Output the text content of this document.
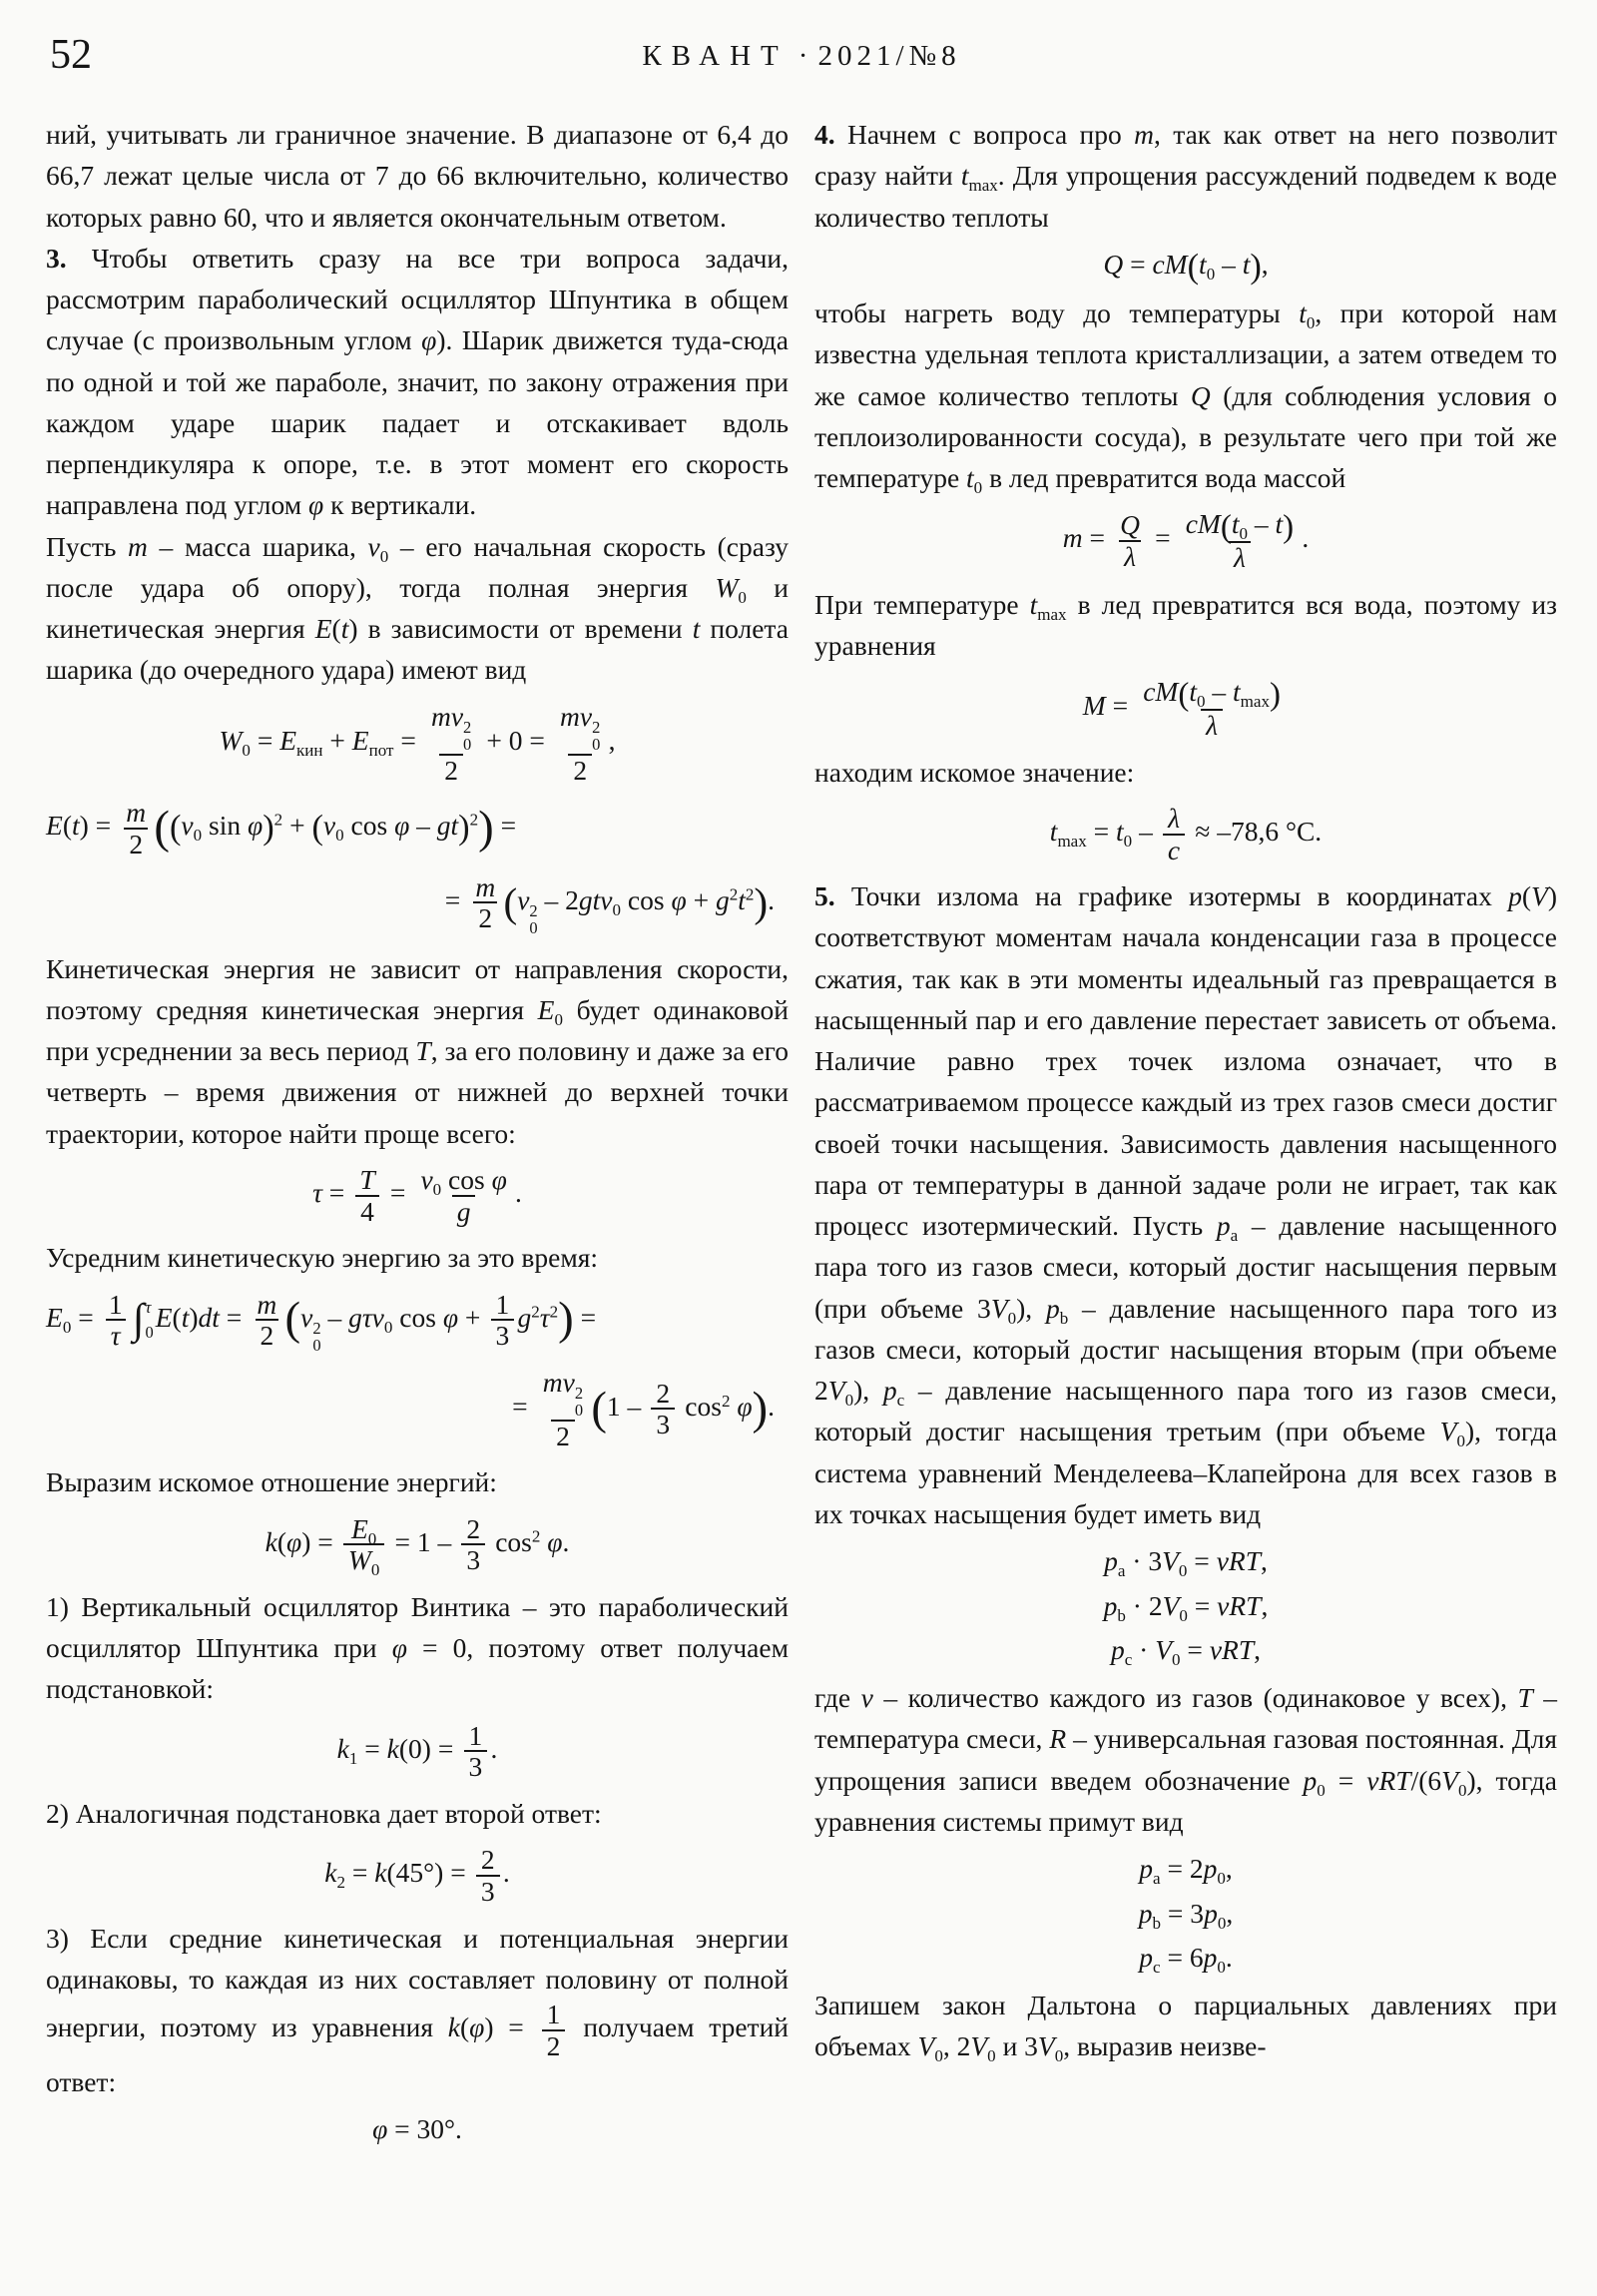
52	КВАНТ · 2021/№8
ний, учитывать ли граничное значение. В диапазоне от 6,4 до 66,7 лежат целые числа от 7 до 66 включительно, количество которых равно 60, что и является окончательным ответом.
3. Чтобы ответить сразу на все три вопроса задачи, рассмотрим параболический осциллятор Шпунтика в общем случае (с произвольным углом φ). Шарик движется туда-сюда по одной и той же параболе, значит, по закону отражения при каждом ударе шарик падает и отскакивает вдоль перпендикуляра к опоре, т.е. в этот момент его скорость направлена под углом φ к вертикали.
Пусть m – масса шарика, $v_0$ – его начальная скорость (сразу после удара об опору), тогда полная энергия $W_0$ и кинетическая энергия E(t) в зависимости от времени t полета шарика (до очередного удара) имеют вид
$W_0 = E_{кин} + E_{пот}$ = mv 2
0
2 + 0 = mv 2
0
2 ,
$E(t) = \frac{m}{2} ((v_0$ $\sin \varphi)^2 + (v_0$ cos φ – gt)$^2$) =
= $\frac{m}{2} (v$ 2
0
– 2gtv$_0$ $\cos \varphi + g^2t^2$).
Кинетическая энергия не зависит от направления скорости, поэтому средняя кинетическая энергия $E_0$ будет одинаковой при усреднении за весь период T, за его половину и даже за его четверть – время движения от нижней до верхней точки траектории, которое найти проще всего:
$\tau = \frac{T}{4} = \frac{v_0 \cos \varphi}{g}$ .
Усредним кинетическую энергию за это время:
$E_0 = \frac{1}{\tau}$ ∫ τ
0 $E(t)dt = \frac{m}{2} (v$ 2
0
– gτv$_0$ $\cos \varphi + \frac{1}{3} g^2\tau^2$) =
= mv 2
0
2 $(1 - \frac{2}{3} \cos^2 \varphi)$.
Выразим искомое отношение энергий:
$k(\varphi) = \frac{E_0}{W_0} = 1 - \frac{2}{3} \cos^2 \varphi$.
1) Вертикальный осциллятор Винтика – это параболический осциллятор Шпунтика при φ = 0, поэтому ответ получаем подстановкой:
$k_1 = k(0) = \frac{1}{3}$ .
2) Аналогичная подстановка дает второй ответ:
$k_2 = k(45^\circ) = \frac{2}{3}$ .
3) Если средние кинетическая и потенциальная энергии одинаковы, то каждая из них составляет половину от полной энергии, поэтому из уравнения $k(\varphi) = \frac{1}{2}$ получаем третий ответ:
φ = 30°.
4. Начнем с вопроса про m, так как ответ на него позволит сразу найти $t_{max}$. Для упрощения рассуждений подведем к воде количество теплоты
$Q = cM(t_0 - t)$,
чтобы нагреть воду до температуры $t_0$, при которой нам известна удельная теплота кристаллизации, а затем отведем то же самое количество теплоты Q (для соблюдения условия о теплоизолированности сосуда), в результате чего при той же температуре $t_0$ в лед превратится вода массой
$m = \frac{Q}{\lambda} = \frac{cM(t_0 - t)}{\lambda}$ .
При температуре $t_{max}$ в лед превратится вся вода, поэтому из уравнения
$M = \frac{cM(t_0 - t_{max})}{\lambda}$
находим искомое значение:
$t_{max} = t_0 - \frac{\lambda}{c} \approx -78,6$ °C.
5. Точки излома на графике изотермы в координатах p(V) соответствуют моментам начала конденсации газа в процессе сжатия, так как в эти моменты идеальный газ превращается в насыщенный пар и его давление перестает зависеть от объема. Наличие равно трех точек излома означает, что в рассматриваемом процессе каждый из трех газов смеси достиг своей точки насыщения. Зависимость давления насыщенного пара от температуры в данной задаче роли не играет, так как процесс изотермический. Пусть $p_a$ – давление насыщенного пара того из газов смеси, который достиг насыщения первым (при объеме $3V_0$), $p_b$ – давление насыщенного пара того из газов смеси, который достиг насыщения вторым (при объеме $2V_0$), $p_c$ – давление насыщенного пара того из газов смеси, который достиг насыщения третьим (при объеме $V_0$), тогда система уравнений Менделеева–Клапейрона для всех газов в их точках насыщения будет иметь вид
$p_a \cdot 3V_0 = \nu RT$,
$p_b \cdot 2V_0 = \nu RT$,
$p_c \cdot V_0 = \nu RT$,
где ν – количество каждого из газов (одинаковое у всех), T – температура смеси, R – универсальная газовая постоянная. Для упрощения записи введем обозначение $p_0 = \nu RT/(6V_0)$, тогда уравнения системы примут вид
$p_a = 2p_0$,
$p_b = 3p_0$,
$p_c = 6p_0$.
Запишем закон Дальтона о парциальных давлениях при объемах $V_0$, $2V_0$ и $3V_0$, выразив неизве-
